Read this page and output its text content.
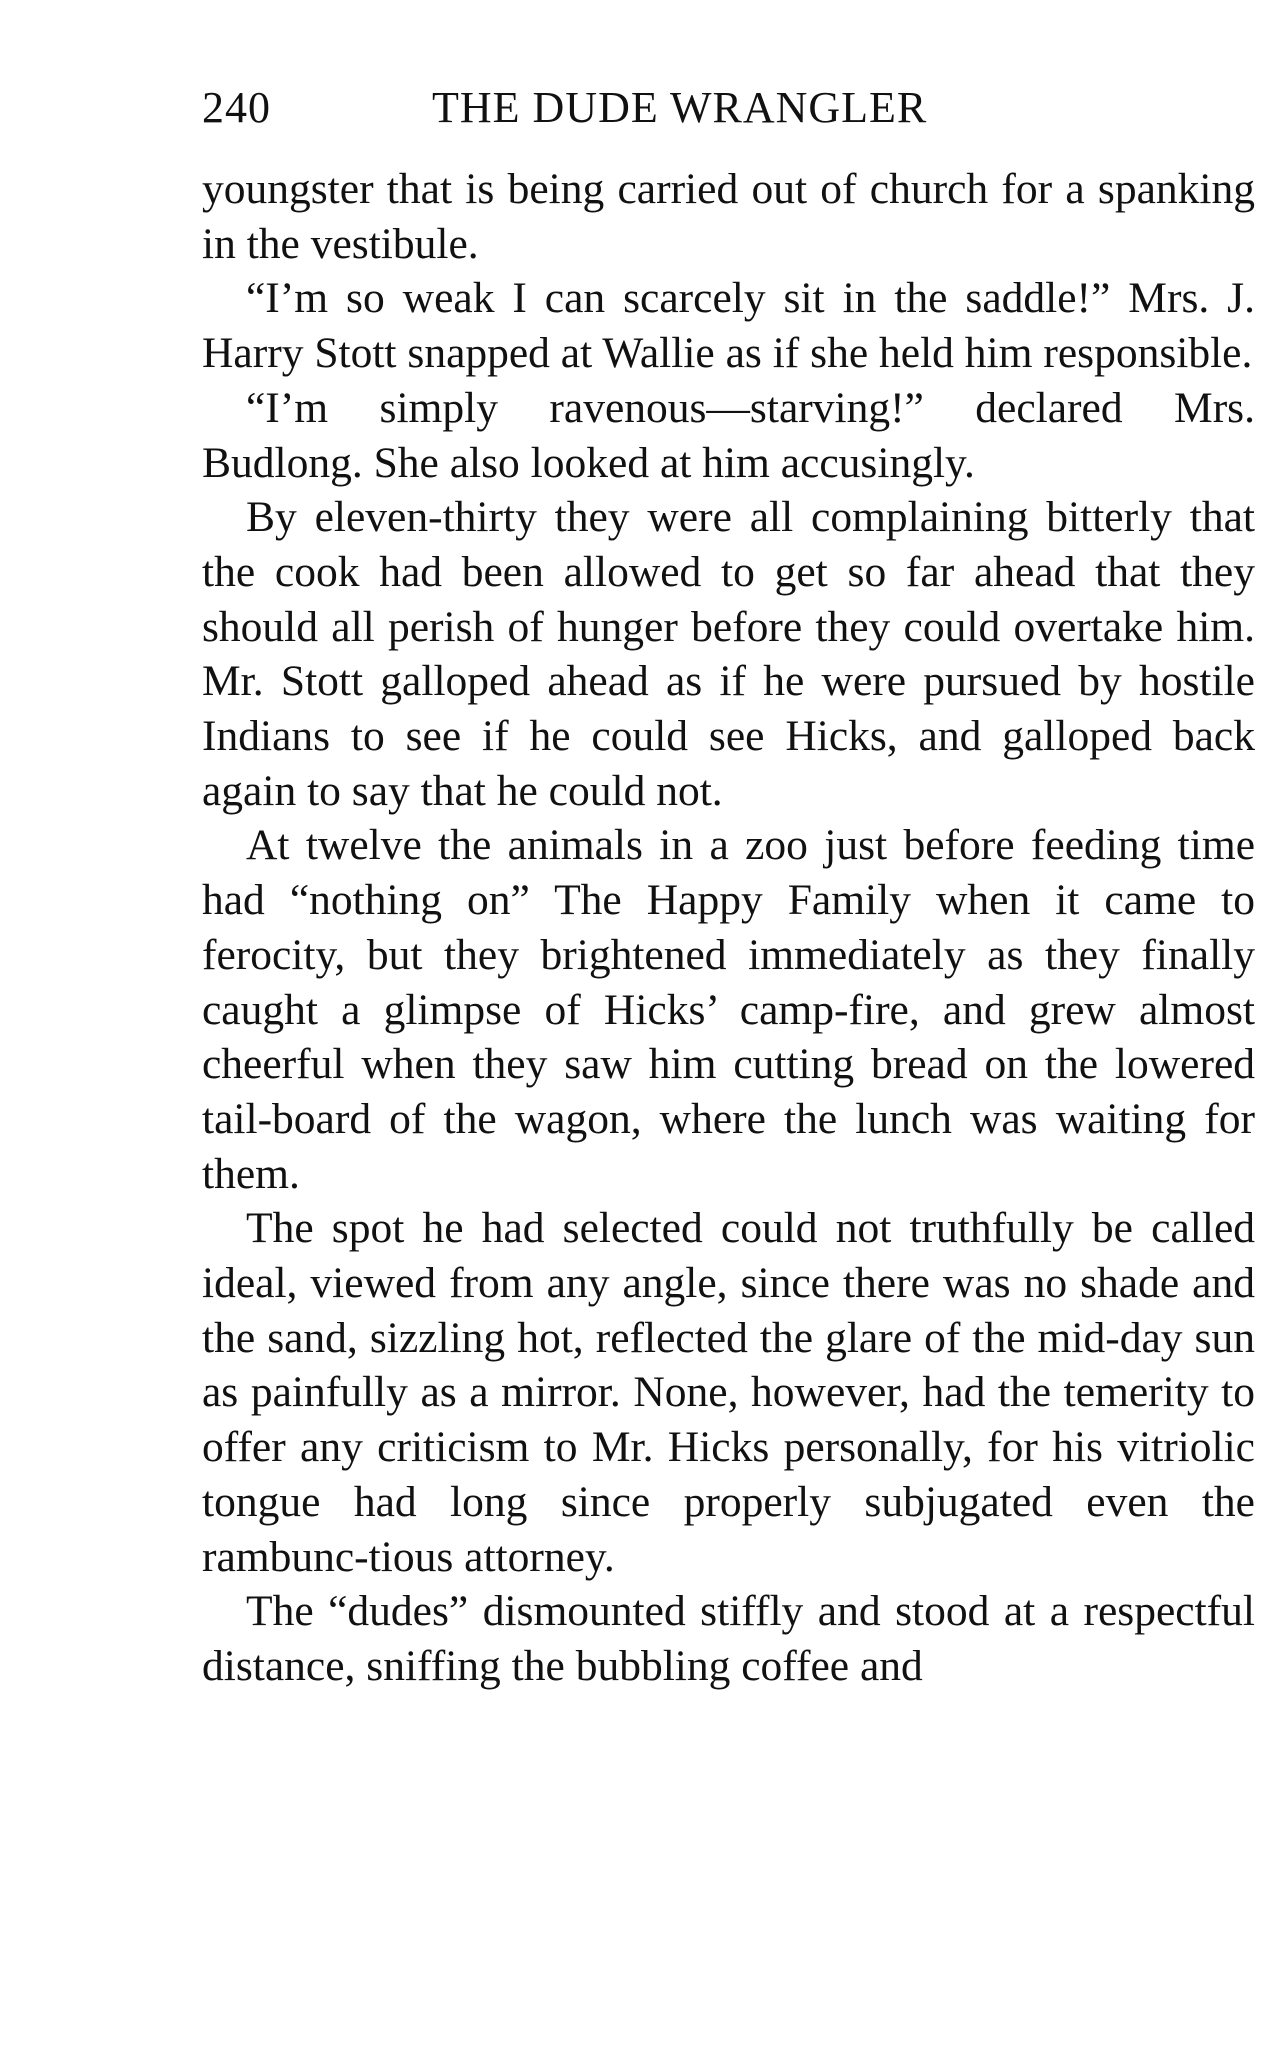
240	THE DUDE WRANGLER

youngster that is being carried out of church for a spanking in the vestibule.

“I’m so weak I can scarcely sit in the saddle!” Mrs. J. Harry Stott snapped at Wallie as if she held him responsible.

“I’m simply ravenous—starving!” declared Mrs. Budlong. She also looked at him accusingly.

By eleven-thirty they were all complaining bitterly that the cook had been allowed to get so far ahead that they should all perish of hunger before they could overtake him. Mr. Stott galloped ahead as if he were pursued by hostile Indians to see if he could see Hicks, and galloped back again to say that he could not.

At twelve the animals in a zoo just before feeding time had “nothing on” The Happy Family when it came to ferocity, but they brightened immediately as they finally caught a glimpse of Hicks’ camp-fire, and grew almost cheerful when they saw him cutting bread on the lowered tail-board of the wagon, where the lunch was waiting for them.

The spot he had selected could not truthfully be called ideal, viewed from any angle, since there was no shade and the sand, sizzling hot, reflected the glare of the mid-day sun as painfully as a mirror. None, however, had the temerity to offer any criticism to Mr. Hicks personally, for his vitriolic tongue had long since properly subjugated even the rambunc-tious attorney.

The “dudes” dismounted stiffly and stood at a respectful distance, sniffing the bubbling coffee and
